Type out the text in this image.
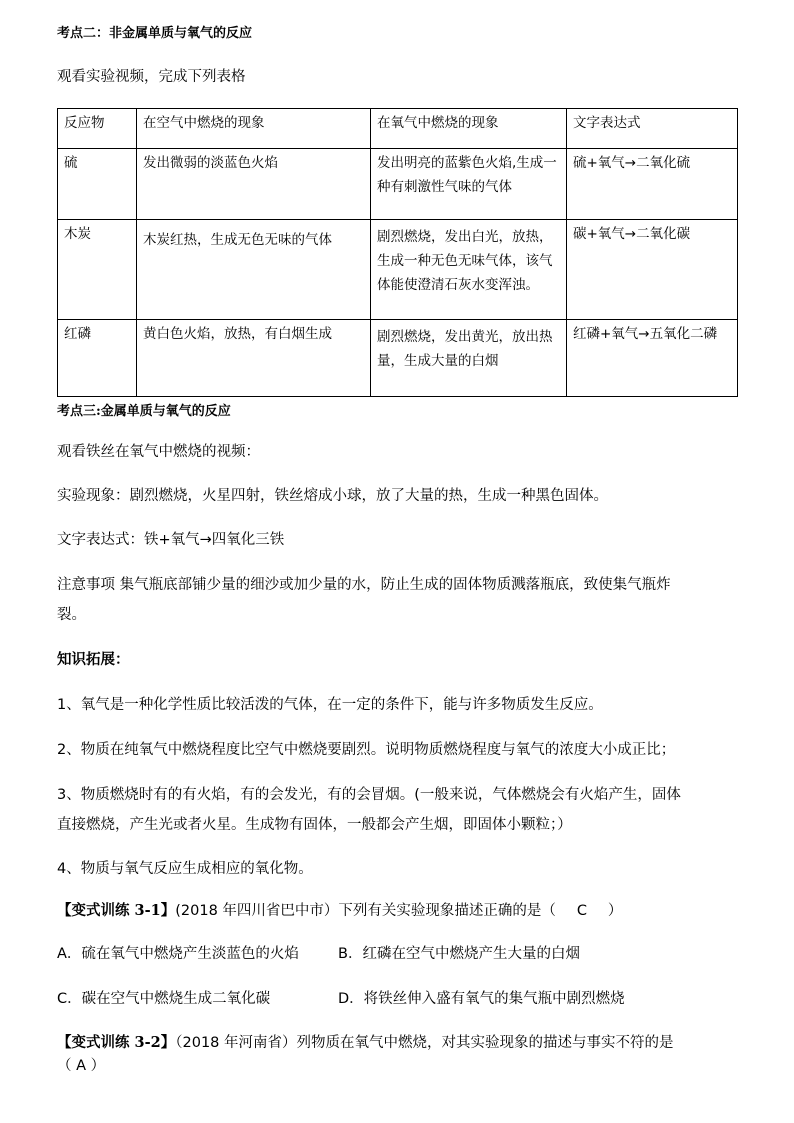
考点二：非金属单质与氧气的反应
观看实验视频，完成下列表格
反应物	在空气中燃烧的现象	在氧气中燃烧的现象	文字表达式
硫	发出微弱的淡蓝色火焰	发出明亮的蓝紫色火焰,生成一种有刺激性气味的气体	硫+氧气→二氧化硫
木炭	木炭红热，生成无色无味的气体	剧烈燃烧，发出白光，放热，生成一种无色无味气体，该气体能使澄清石灰水变浑浊。	碳+氧气→二氧化碳
红磷	黄白色火焰，放热，有白烟生成	剧烈燃烧，发出黄光，放出热量，生成大量的白烟	红磷+氧气→五氧化二磷
考点三:金属单质与氧气的反应
观看铁丝在氧气中燃烧的视频：
实验现象：剧烈燃烧，火星四射，铁丝熔成小球，放了大量的热，生成一种黑色固体。
文字表达式：铁+氧气→四氧化三铁
注意事项 集气瓶底部铺少量的细沙或加少量的水，防止生成的固体物质溅落瓶底，致使集气瓶炸
裂。
知识拓展：
1、氧气是一种化学性质比较活泼的气体，在一定的条件下，能与许多物质发生反应。
2、物质在纯氧气中燃烧程度比空气中燃烧要剧烈。说明物质燃烧程度与氧气的浓度大小成正比；
3、物质燃烧时有的有火焰，有的会发光，有的会冒烟。(一般来说，气体燃烧会有火焰产生，固体
直接燃烧，产生光或者火星。生成物有固体，一般都会产生烟，即固体小颗粒；）
4、物质与氧气反应生成相应的氧化物。
【变式训练 3-1】(2018 年四川省巴中市）下列有关实验现象描述正确的是（ C ）
A．硫在氧气中燃烧产生淡蓝色的火焰	B．红磷在空气中燃烧产生大量的白烟
C．碳在空气中燃烧生成二氧化碳	D．将铁丝伸入盛有氧气的集气瓶中剧烈燃烧
【变式训练 3-2】（2018 年河南省）列物质在氧气中燃烧，对其实验现象的描述与事实不符的是
（ A ）
